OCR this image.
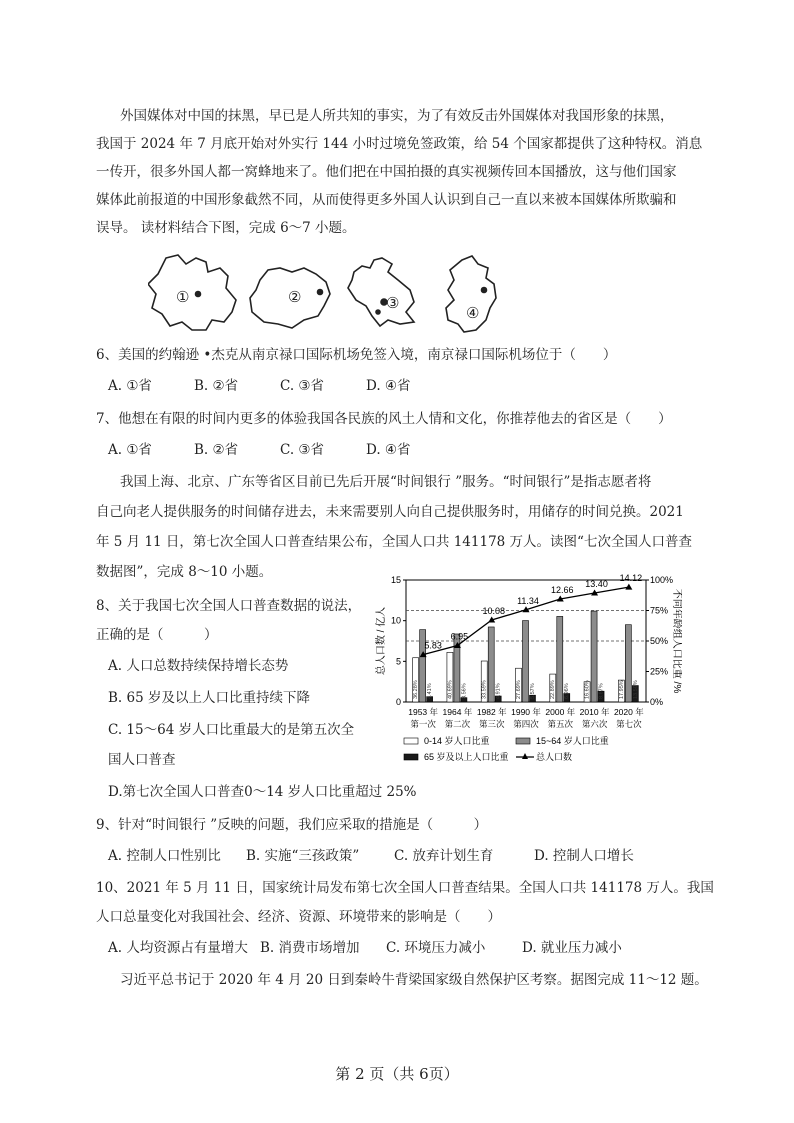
外国媒体对中国的抹黑，早已是人所共知的事实，为了有效反击外国媒体对我国形象的抹黑，
我国于 2024 年 7 月底开始对外实行 144 小时过境免签政策，给 54 个国家都提供了这种特权。消息
一传开，很多外国人都一窝蜂地来了。他们把在中国拍摄的真实视频传回本国播放，这与他们国家
媒体此前报道的中国形象截然不同，从而使得更多外国人认识到自己一直以来被本国媒体所欺骗和
误导。 读材料结合下图，完成 6～7 小题。
①	②	③
④
6、美国的约翰逊 •杰克从南京禄口国际机场免签入境，南京禄口国际机场位于（　　）
A. ①省	B. ②省	C. ③省	D. ④省
7、他想在有限的时间内更多的体验我国各民族的风土人情和文化，你推荐他去的省区是（　　）
A. ①省	B. ②省	C. ③省	D. ④省
我国上海、北京、广东等省区目前已先后开展“时间银行 ”服务。“时间银行”是指志愿者将
自己向老人提供服务的时间储存进去，未来需要别人向自己提供服务时，用储存的时间兑换。2021
年 5 月 11 日，第七次全国人口普查结果公布，全国人口共 141178 万人。读图“七次全国人口普查
数据图”，完成 8～10 小题。
8、关于我国七次全国人口普查数据的说法，
正确的是（　　　）
A. 人口总数持续保持增长态势
B. 65 岁及以上人口比重持续下降
C. 15～64 岁人口比重最大的是第五次全
国人口普查
D.第七次全国人口普查0～14 岁人口比重超过 25%
0
5
10
15
0%
25%
50%
75%
100%
总人口数 / 亿人	不同年龄组人口比重 /%
36.28% 4.41%
1953 年
第一次
40.69% 3.56%
1964 年
第二次
33.59% 4.91%
1982 年
第三次
27.69% 5.57%
1990 年
第四次
22.89% 6.96%
2000 年
第五次
16.60% 8.87%
2010 年
第六次
17.95% 13.50%
2020 年
第七次
5.83
6.95
10.08
11.34
12.66
13.40
14.12
0-14 岁人口比重	15~64 岁人口比重
65 岁及以上人口比重	总人口数
9、针对“时间银行 ”反映的问题，我们应采取的措施是（　　　）
A. 控制人口性别比 B. 实施“三孩政策”	C. 放弃计划生育	D. 控制人口增长
10、2021 年 5 月 11 日，国家统计局发布第七次全国人口普查结果。全国人口共 141178 万人。我国
人口总量变化对我国社会、经济、资源、环境带来的影响是（　　）
A. 人均资源占有量增大 B. 消费市场增加 C. 环境压力减小	D. 就业压力减小
习近平总书记于 2020 年 4 月 20 日到秦岭牛背梁国家级自然保护区考察。据图完成 11～12 题。
第 2 页（共 6页）
